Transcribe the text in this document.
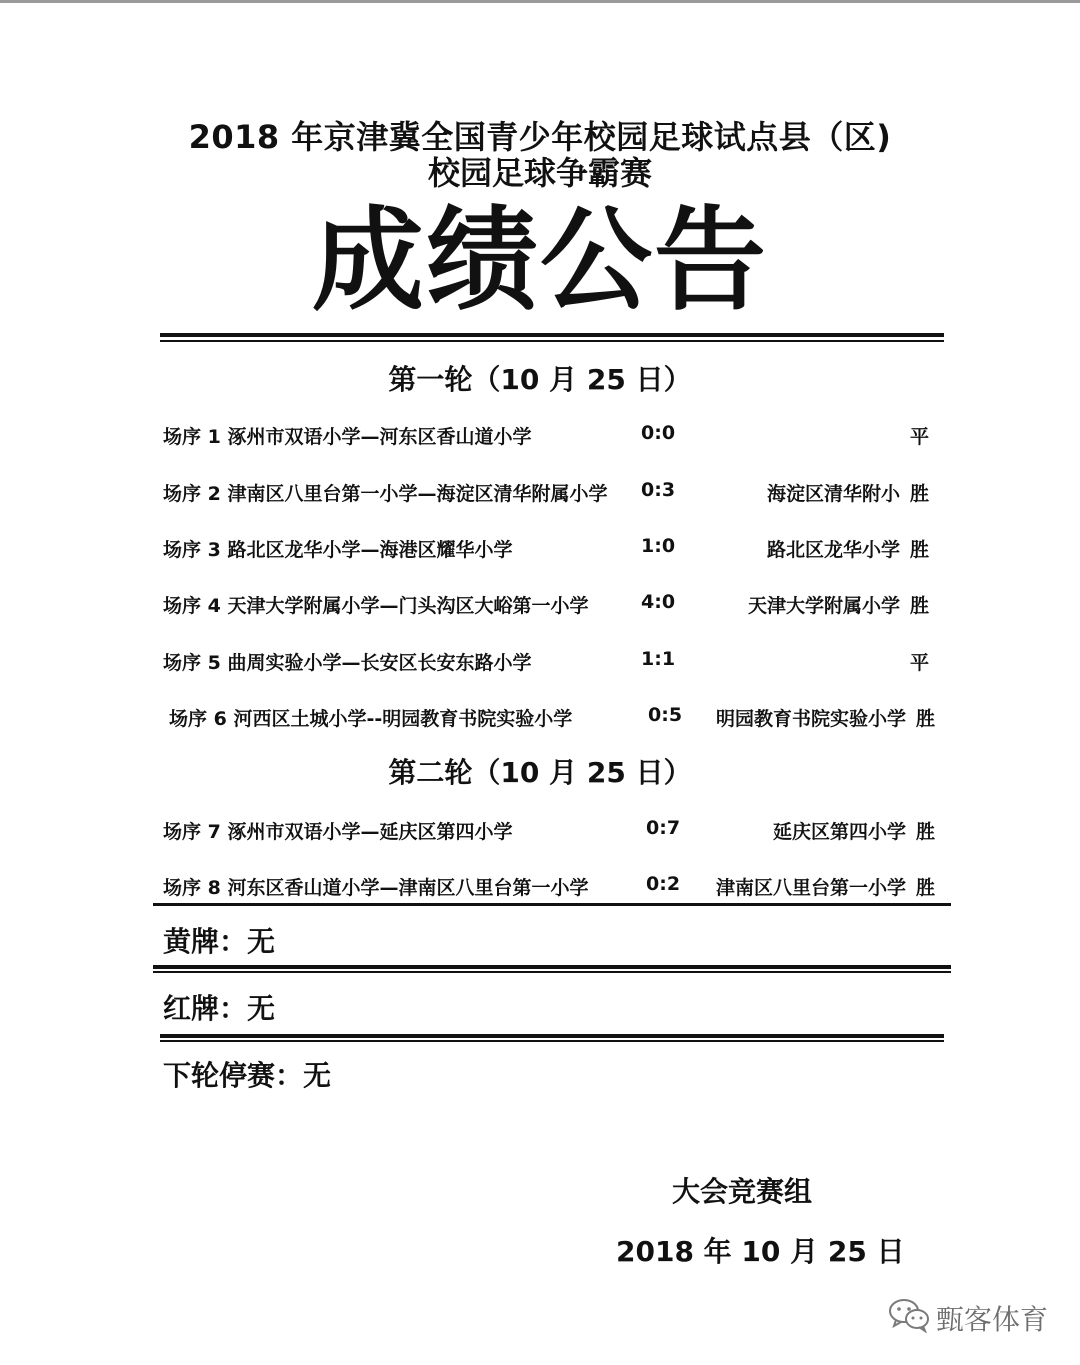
2018 年京津冀全国青少年校园足球试点县（区)
校园足球争霸赛
成绩公告
第一轮（10 月 25 日）
场序 1 涿州市双语小学—河东区香山道小学	0:0	平
场序 2 津南区八里台第一小学—海淀区清华附属小学 0:3	海淀区清华附小 胜
场序 3 路北区龙华小学—海港区耀华小学	1:0	路北区龙华小学 胜
场序 4 天津大学附属小学—门头沟区大峪第一小学	4:0	天津大学附属小学 胜
场序 5 曲周实验小学—长安区长安东路小学	1:1	平
场序 6 河西区土城小学--明园教育书院实验小学	0:5 明园教育书院实验小学 胜
第二轮（10 月 25 日）
场序 7 涿州市双语小学—延庆区第四小学	0:7	延庆区第四小学 胜
场序 8 河东区香山道小学—津南区八里台第一小学	0:2 津南区八里台第一小学 胜
黄牌：无
红牌：无
下轮停赛：无
大会竞赛组
2018 年 10 月 25 日
甄客体育
